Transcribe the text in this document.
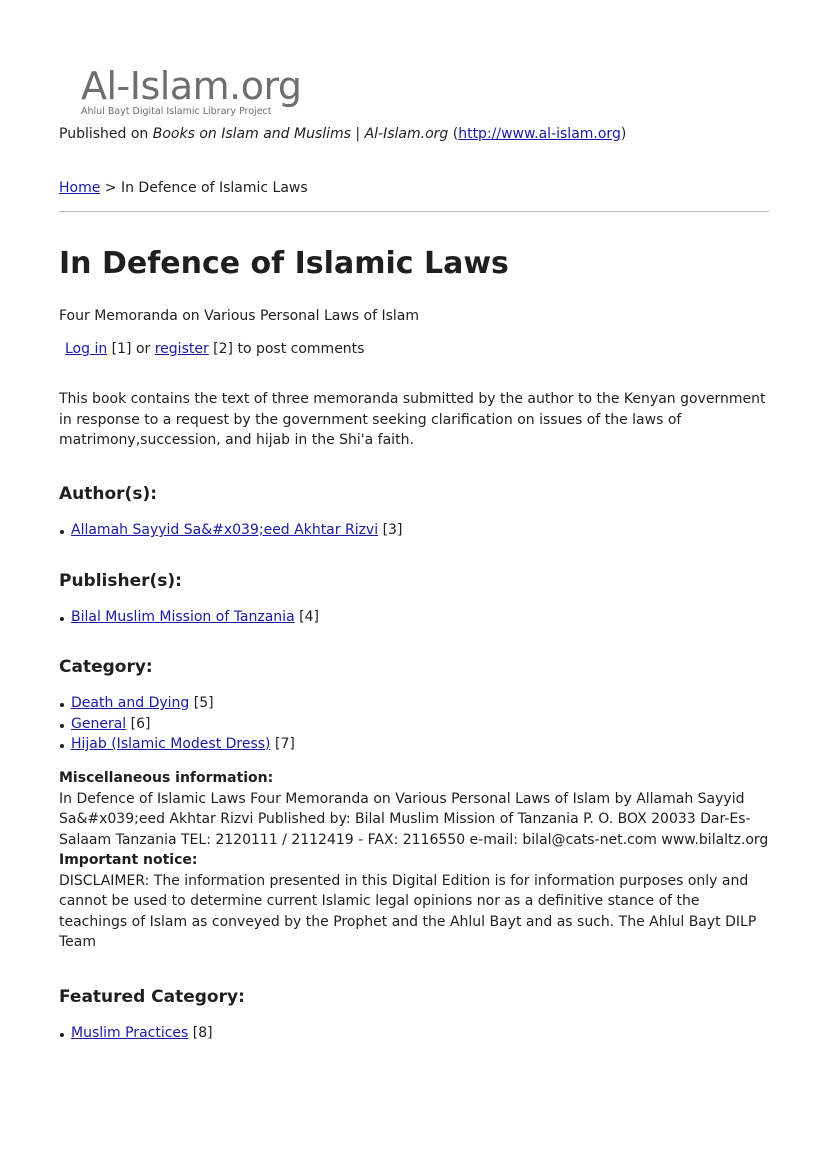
Al-Islam.org
Ahlul Bayt Digital Islamic Library Project
Published on Books on Islam and Muslims | Al-Islam.org (http://www.al-islam.org)
Home > In Defence of Islamic Laws
In Defence of Islamic Laws
Four Memoranda on Various Personal Laws of Islam
Log in [1] or register [2] to post comments
This book contains the text of three memoranda submitted by the author to the Kenyan government in response to a request by the government seeking clarification on issues of the laws of matrimony,succession, and hijab in the Shi'a faith.
Author(s):
Allamah Sayyid Sa&#x039;eed Akhtar Rizvi [3]
Publisher(s):
Bilal Muslim Mission of Tanzania [4]
Category:
Death and Dying [5]
General [6]
Hijab (Islamic Modest Dress) [7]
Miscellaneous information:
In Defence of Islamic Laws Four Memoranda on Various Personal Laws of Islam by Allamah Sayyid Sa&#x039;eed Akhtar Rizvi Published by: Bilal Muslim Mission of Tanzania P. O. BOX 20033 Dar-Es-Salaam Tanzania TEL: 2120111 / 2112419 - FAX: 2116550 e-mail: bilal@cats-net.com www.bilaltz.org
Important notice:
DISCLAIMER: The information presented in this Digital Edition is for information purposes only and cannot be used to determine current Islamic legal opinions nor as a definitive stance of the teachings of Islam as conveyed by the Prophet and the Ahlul Bayt and as such. The Ahlul Bayt DILP Team
Featured Category:
Muslim Practices [8]
